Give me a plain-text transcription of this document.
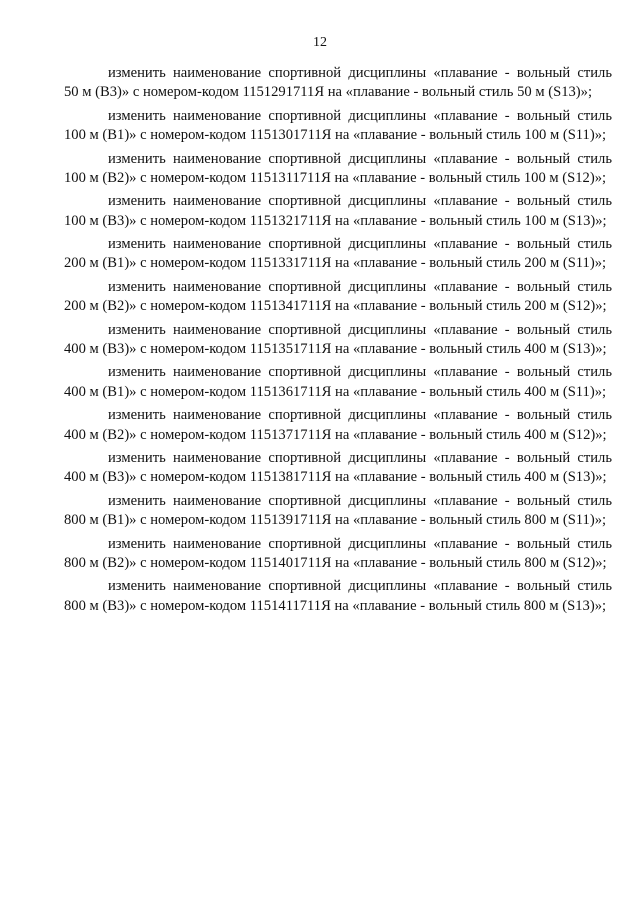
12

изменить наименование спортивной дисциплины «плавание - вольный стиль
50 м (В3)» с номером-кодом 1151291711Я на «плавание - вольный стиль 50 м (S13)»;

изменить наименование спортивной дисциплины «плавание - вольный стиль
100 м (В1)» с номером-кодом 1151301711Я на «плавание - вольный стиль 100 м (S11)»;

изменить наименование спортивной дисциплины «плавание - вольный стиль
100 м (В2)» с номером-кодом 1151311711Я на «плавание - вольный стиль 100 м (S12)»;

изменить наименование спортивной дисциплины «плавание - вольный стиль
100 м (В3)» с номером-кодом 1151321711Я на «плавание - вольный стиль 100 м (S13)»;

изменить наименование спортивной дисциплины «плавание - вольный стиль
200 м (В1)» с номером-кодом 1151331711Я на «плавание - вольный стиль 200 м (S11)»;

изменить наименование спортивной дисциплины «плавание - вольный стиль
200 м (В2)» с номером-кодом 1151341711Я на «плавание - вольный стиль 200 м (S12)»;

изменить наименование спортивной дисциплины «плавание - вольный стиль
400 м (В3)» с номером-кодом 1151351711Я на «плавание - вольный стиль 400 м (S13)»;

изменить наименование спортивной дисциплины «плавание - вольный стиль
400 м (В1)» с номером-кодом 1151361711Я на «плавание - вольный стиль 400 м (S11)»;

изменить наименование спортивной дисциплины «плавание - вольный стиль
400 м (В2)» с номером-кодом 1151371711Я на «плавание - вольный стиль 400 м (S12)»;

изменить наименование спортивной дисциплины «плавание - вольный стиль
400 м (В3)» с номером-кодом 1151381711Я на «плавание - вольный стиль 400 м (S13)»;

изменить наименование спортивной дисциплины «плавание - вольный стиль
800 м (В1)» с номером-кодом 1151391711Я на «плавание - вольный стиль 800 м (S11)»;

изменить наименование спортивной дисциплины «плавание - вольный стиль
800 м (В2)» с номером-кодом 1151401711Я на «плавание - вольный стиль 800 м (S12)»;

изменить наименование спортивной дисциплины «плавание - вольный стиль
800 м (В3)» с номером-кодом 1151411711Я на «плавание - вольный стиль 800 м (S13)»;
